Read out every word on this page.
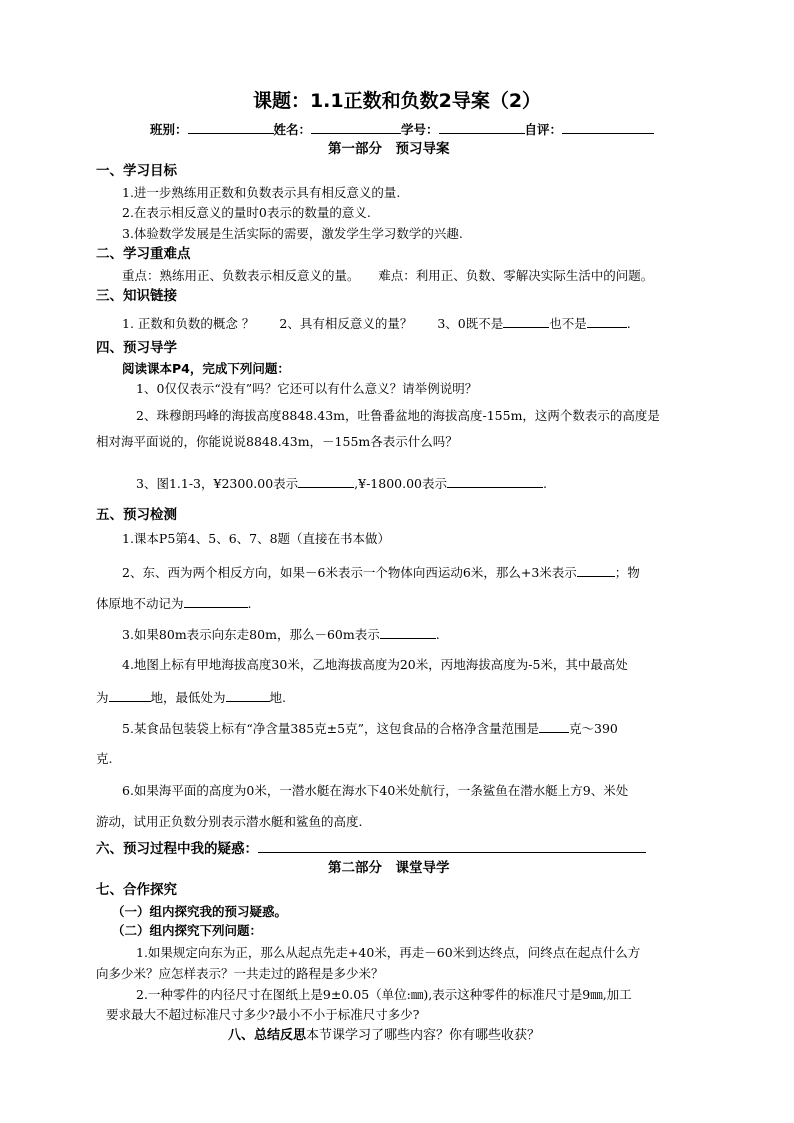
课题：1.1正数和负数2导案（2）
班别：	姓名：	学号：	自评：
第一部分　预习导案
一、学习目标
1.进一步熟练用正数和负数表示具有相反意义的量.
2.在表示相反意义的量时0表示的数量的意义.
3.体验数学发展是生活实际的需要，激发学生学习数学的兴趣.
二、学习重难点
重点：熟练用正、负数表示相反意义的量。　　难点：利用正、负数、零解决实际生活中的问题。
三、知识链接
1. 正数和负数的概念 ？　　2、具有相反意义的量？　　3、0既不是	也不是	.
四、预习导学
阅读课本P4，完成下列问题：
1、0仅仅表示“没有”吗？它还可以有什么意义？请举例说明？
2、珠穆朗玛峰的海拔高度8848.43m，吐鲁番盆地的海拔高度-155m，这两个数表示的高度是
相对海平面说的，你能说说8848.43m，－155m各表示什么吗？
3、图1.1-3，¥2300.00表示	,¥-1800.00表示	.
五、预习检测
1.课本P5第4、5、6、7、8题（直接在书本做）
2、东、西为两个相反方向，如果－6米表示一个物体向西运动6米，那么+3米表示	；物
体原地不动记为	.
3.如果80m表示向东走80m，那么－60m表示	.
4.地图上标有甲地海拔高度30米，乙地海拔高度为20米，丙地海拔高度为-5米，其中最高处
为	地，最低处为	地.
5.某食品包装袋上标有“净含量385克±5克”，这包食品的合格净含量范围是 克～390
克.
6.如果海平面的高度为0米，一潜水艇在海水下40米处航行，一条鲨鱼在潜水艇上方9、米处
游动，试用正负数分别表示潜水艇和鲨鱼的高度.
六、预习过程中我的疑惑：
第二部分　课堂导学
七、合作探究
（一）组内探究我的预习疑惑。
（二）组内探究下列问题：
1.如果规定向东为正，那么从起点先走+40米，再走－60米到达终点，问终点在起点什么方
向多少米？应怎样表示？一共走过的路程是多少米？
2.一种零件的内径尺寸在图纸上是9±0.05（单位:㎜),表示这种零件的标准尺寸是9㎜,加工
要求最大不超过标准尺寸多少?最小不小于标准尺寸多少?
八、总结反思本节课学习了哪些内容？你有哪些收获？
